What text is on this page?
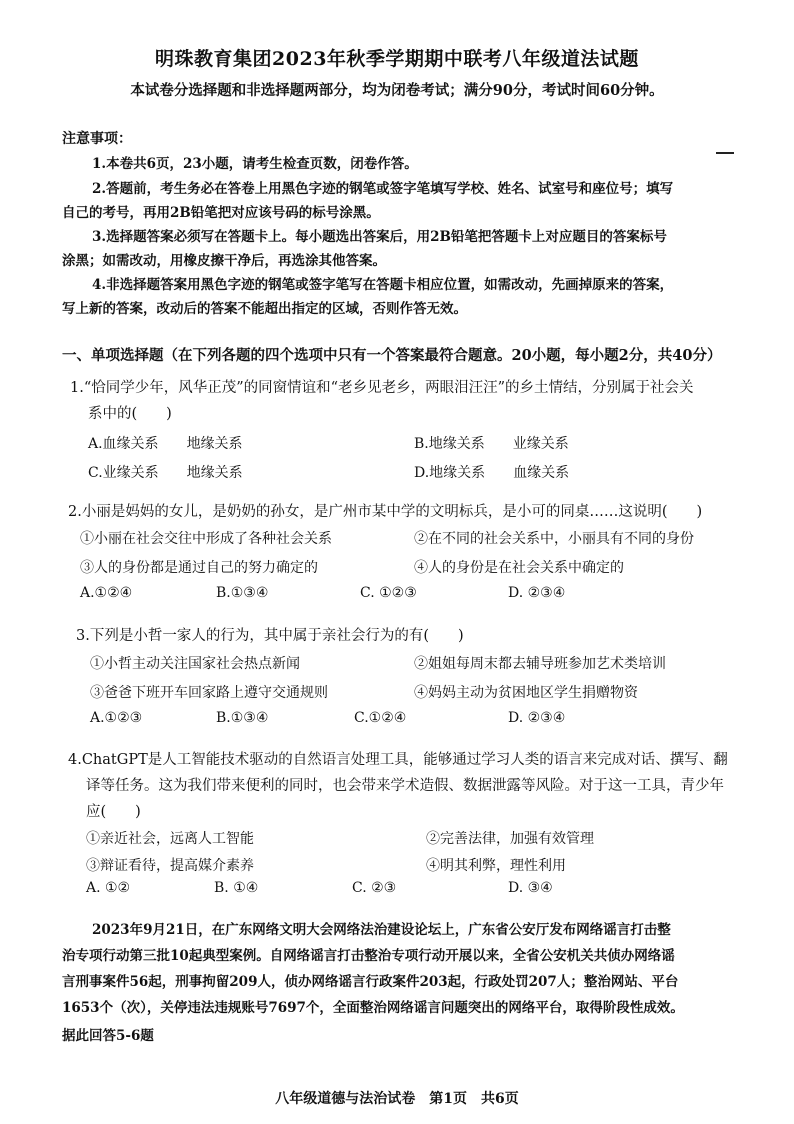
明珠教育集团2023年秋季学期期中联考八年级道法试题
本试卷分选择题和非选择题两部分，均为闭卷考试；满分90分，考试时间60分钟。
注意事项：
1.本卷共6页，23小题，请考生检查页数，闭卷作答。
2.答题前，考生务必在答卷上用黑色字迹的钢笔或签字笔填写学校、姓名、试室号和座位号；填写
自己的考号，再用2B铅笔把对应该号码的标号涂黑。
3.选择题答案必须写在答题卡上。每小题选出答案后，用2B铅笔把答题卡上对应题目的答案标号
涂黑；如需改动，用橡皮擦干净后，再选涂其他答案。
4.非选择题答案用黑色字迹的钢笔或签字笔写在答题卡相应位置，如需改动，先画掉原来的答案，
写上新的答案，改动后的答案不能超出指定的区域，否则作答无效。
一、单项选择题（在下列各题的四个选项中只有一个答案最符合题意。20小题，每小题2分，共40分）
1.“恰同学少年，风华正茂”的同窗情谊和“老乡见老乡，两眼泪汪汪”的乡土情结，分别属于社会关
系中的(　　)
A.血缘关系 地缘关系	B.地缘关系 业缘关系
C.业缘关系 地缘关系	D.地缘关系 血缘关系
2.小丽是妈妈的女儿，是奶奶的孙女，是广州市某中学的文明标兵，是小可的同桌……这说明(　　)
①小丽在社会交往中形成了各种社会关系	②在不同的社会关系中，小丽具有不同的身份
③人的身份都是通过自己的努力确定的	④人的身份是在社会关系中确定的
A.①②④	B.①③④	C. ①②③	D. ②③④
3.下列是小哲一家人的行为，其中属于亲社会行为的有(　　)
①小哲主动关注国家社会热点新闻	②姐姐每周末都去辅导班参加艺术类培训
③爸爸下班开车回家路上遵守交通规则	④妈妈主动为贫困地区学生捐赠物资
A.①②③	B.①③④	C.①②④	D. ②③④
4.ChatGPT是人工智能技术驱动的自然语言处理工具，能够通过学习人类的语言来完成对话、撰写、翻
译等任务。这为我们带来便利的同时，也会带来学术造假、数据泄露等风险。对于这一工具，青少年
应(　　)
①亲近社会，远离人工智能	②完善法律，加强有效管理
③辩证看待，提高媒介素养	④明其利弊，理性利用
A. ①②	B. ①④	C. ②③	D. ③④
2023年9月21日，在广东网络文明大会网络法治建设论坛上，广东省公安厅发布网络谣言打击整
治专项行动第三批10起典型案例。自网络谣言打击整治专项行动开展以来，全省公安机关共侦办网络谣
言刑事案件56起，刑事拘留209人，侦办网络谣言行政案件203起，行政处罚207人；整治网站、平台
1653个（次），关停违法违规账号7697个，全面整治网络谣言问题突出的网络平台，取得阶段性成效。
据此回答5-6题
八年级道德与法治试卷　第1页　共6页
